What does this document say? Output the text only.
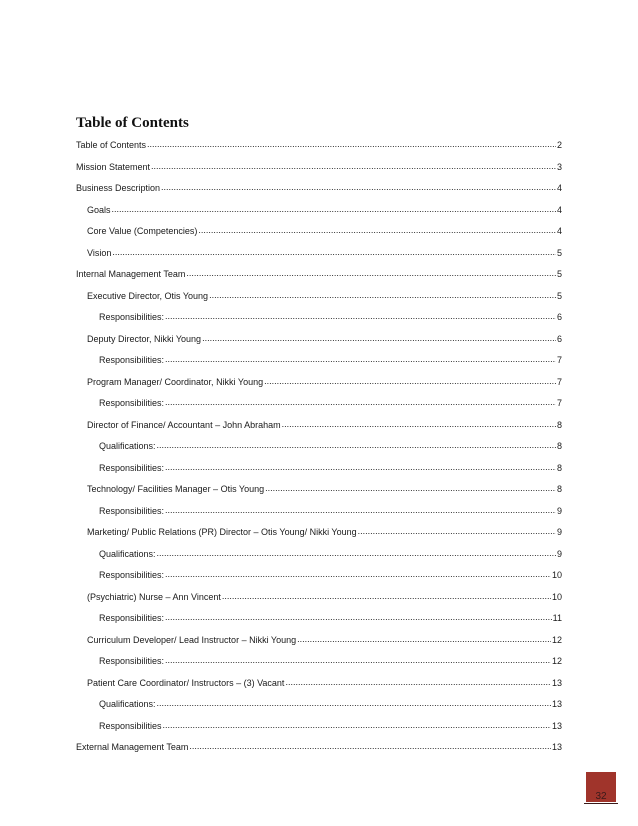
Table of Contents
Table of Contents .....	2
Mission Statement .....	3
Business Description .....	4
Goals .....	4
Core Value (Competencies) .....	4
Vision .....	5
Internal Management Team .....	5
Executive Director, Otis Young .....	5
Responsibilities: .....	6
Deputy Director, Nikki Young .....	6
Responsibilities: .....	7
Program Manager/ Coordinator, Nikki Young .....	7
Responsibilities: .....	7
Director of Finance/ Accountant – John Abraham .....	8
Qualifications: .....	8
Responsibilities: .....	8
Technology/ Facilities Manager – Otis Young .....	8
Responsibilities: .....	9
Marketing/ Public Relations (PR) Director – Otis Young/ Nikki Young .....	9
Qualifications: .....	9
Responsibilities: .....	10
(Psychiatric) Nurse – Ann Vincent .....	10
Responsibilities: .....	11
Curriculum Developer/ Lead Instructor – Nikki Young .....	12
Responsibilities: .....	12
Patient Care Coordinator/ Instructors – (3) Vacant .....	13
Qualifications: .....	13
Responsibilities .....	13
External Management Team .....	13
32
